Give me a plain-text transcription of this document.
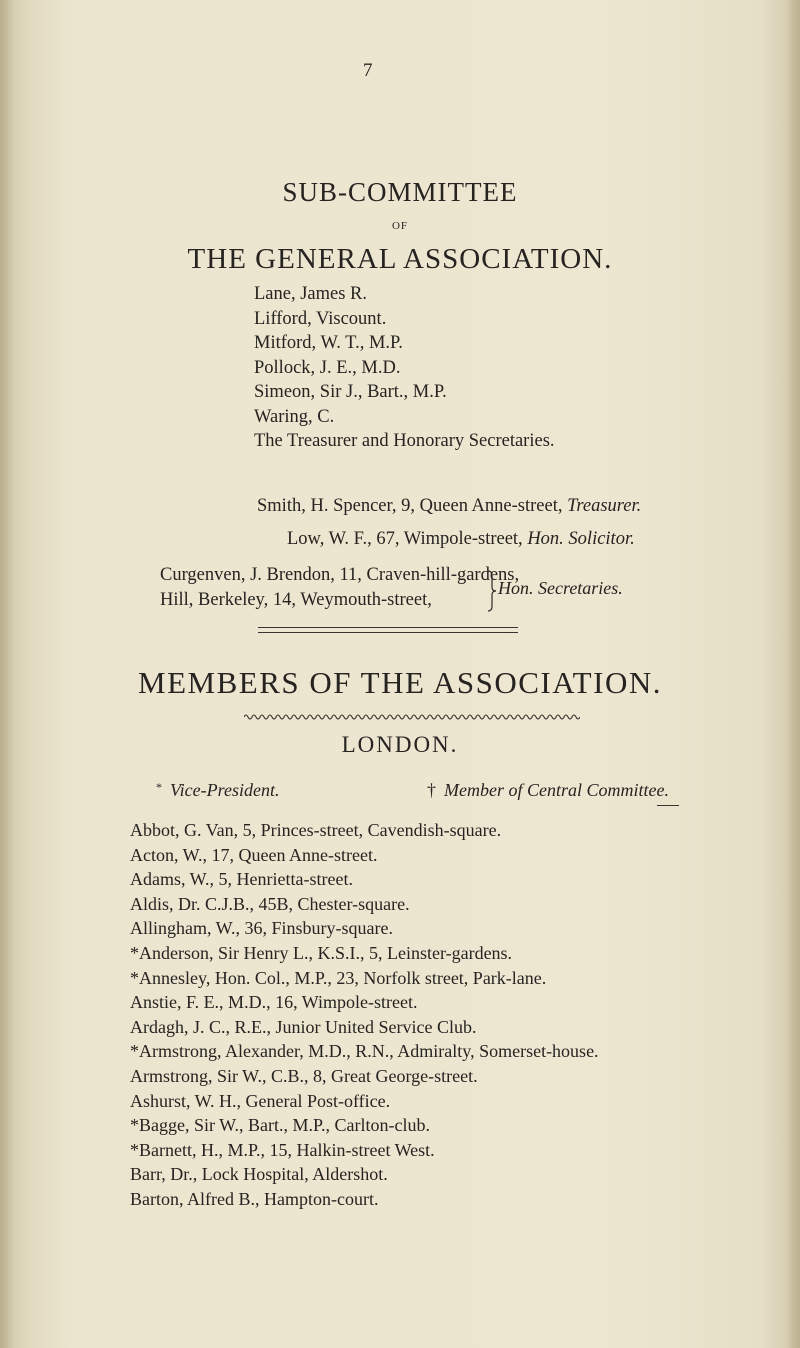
7
SUB-COMMITTEE
OF
THE GENERAL ASSOCIATION.
Lane, James R.
Lifford, Viscount.
Mitford, W. T., M.P.
Pollock, J. E., M.D.
Simeon, Sir J., Bart., M.P.
Waring, C.
The Treasurer and Honorary Secretaries.
Smith, H. Spencer, 9, Queen Anne-street, Treasurer.
Low, W. F., 67, Wimpole-street, Hon. Solicitor.
Curgenven, J. Brendon, 11, Craven-hill-gardens,
Hill, Berkeley, 14, Weymouth-street,
Hon. Secretaries.
MEMBERS OF THE ASSOCIATION.
LONDON.
* Vice-President.	† Member of Central Committee.
Abbot, G. Van, 5, Princes-street, Cavendish-square.
Acton, W., 17, Queen Anne-street.
Adams, W., 5, Henrietta-street.
Aldis, Dr. C.J.B., 45B, Chester-square.
Allingham, W., 36, Finsbury-square.
*Anderson, Sir Henry L., K.S.I., 5, Leinster-gardens.
*Annesley, Hon. Col., M.P., 23, Norfolk street, Park-lane.
Anstie, F. E., M.D., 16, Wimpole-street.
Ardagh, J. C., R.E., Junior United Service Club.
*Armstrong, Alexander, M.D., R.N., Admiralty, Somerset-house.
Armstrong, Sir W., C.B., 8, Great George-street.
Ashurst, W. H., General Post-office.
*Bagge, Sir W., Bart., M.P., Carlton-club.
*Barnett, H., M.P., 15, Halkin-street West.
Barr, Dr., Lock Hospital, Aldershot.
Barton, Alfred B., Hampton-court.
